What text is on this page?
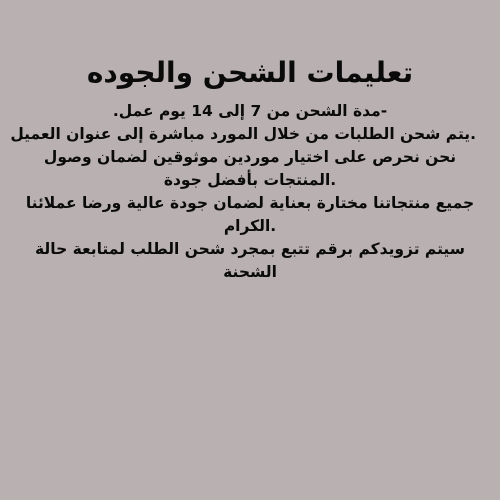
تعليمات الشحن والجوده
-مدة الشحن من 7 إلى 14 يوم عمل.
.يتم شحن الطلبات من خلال المورد مباشرة إلى عنوان العميل
نحن نحرص على اختيار موردين موثوقين لضمان وصول
.المنتجات بأفضل جودة
جميع منتجاتنا مختارة بعناية لضمان جودة عالية ورضا عملائنا
.الكرام
سيتم تزويدكم برقم تتبع بمجرد شحن الطلب لمتابعة حالة
الشحنة
